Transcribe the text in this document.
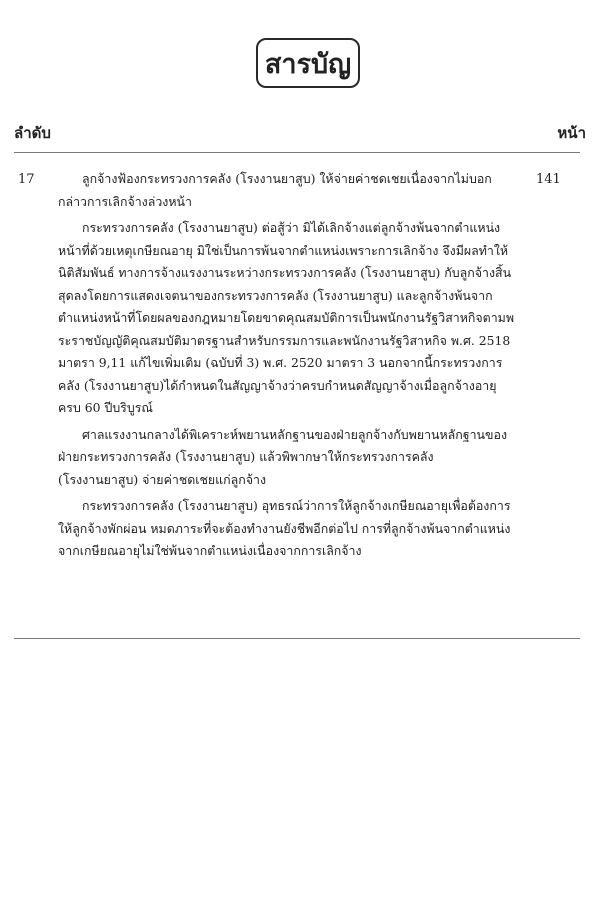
สารบัญ
ลำดับ	หน้า
17	ลูกจ้างฟ้องกระทรวงการคลัง (โรงงานยาสูบ) ให้จ่ายค่าชดเชยเนื่องจากไม่บอกกล่าวการเลิกจ้างล่วงหน้า

กระทรวงการคลัง (โรงงานยาสูบ) ต่อสู้ว่า มิได้เลิกจ้างแต่ลูกจ้างพ้นจากตำแหน่งหน้าที่ด้วยเหตุเกษียณอายุ มิใช่เป็นการพ้นจากตำแหน่งเพราะการเลิกจ้าง จึงมีผลทำให้นิติสัมพันธ์ ทางการจ้างแรงงานระหว่างกระทรวงการคลัง (โรงงานยาสูบ) กับลูกจ้างสิ้นสุดลงโดยการแสดงเจตนาของกระทรวงการคลัง (โรงงานยาสูบ) และลูกจ้างพ้นจากตำแหน่งหน้าที่โดยผลของกฎหมายโดยขาดคุณสมบัติการเป็นพนักงานรัฐวิสาหกิจตามพระราชบัญญัติคุณสมบัติมาตรฐานสำหรับกรรมการและพนักงานรัฐวิสาหกิจ พ.ศ. 2518 มาตรา 9,11 แก้ไขเพิ่มเติม (ฉบับที่ 3) พ.ศ. 2520 มาตรา 3 นอกจากนี้กระทรวงการคลัง (โรงงานยาสูบ)ได้กำหนดในสัญญาจ้างว่าครบกำหนดสัญญาจ้างเมื่อลูกจ้างอายุครบ 60 ปีบริบูรณ์

ศาลแรงงานกลางได้พิเคราะห์พยานหลักฐานของฝ่ายลูกจ้างกับพยานหลักฐานของฝ่ายกระทรวงการคลัง (โรงงานยาสูบ) แล้วพิพากษาให้กระทรวงการคลัง (โรงงานยาสูบ) จ่ายค่าชดเชยแก่ลูกจ้าง

กระทรวงการคลัง (โรงงานยาสูบ) อุทธรณ์ว่าการให้ลูกจ้างเกษียณอายุเพื่อต้องการให้ลูกจ้างพักผ่อน หมดภาระที่จะต้องทำงานยังชีพอีกต่อไป การที่ลูกจ้างพ้นจากตำแหน่งจากเกษียณอายุไม่ใช่พ้นจากตำแหน่งเนื่องจากการเลิกจ้าง

141
